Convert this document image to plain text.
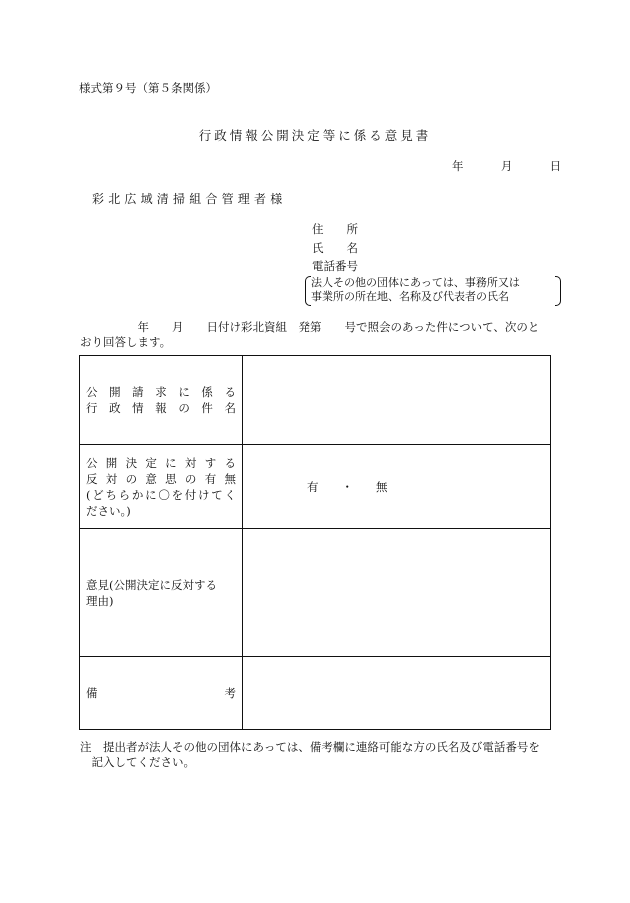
様式第９号（第５条関係）
行政情報公開決定等に係る意見書
年	月	日
彩北広域清掃組合管理者様
住　　所
氏　　名
電話番号
法人その他の団体にあっては、事務所又は
事業所の所在地、名称及び代表者の氏名
　　　　　年　　月　　日付け彩北資組　発第　　号で照会のあった件について、次のと
おり回答します。
公開請求に係る
行政情報の件名	

公開決定に対する
反対の意思の有無
(どちらかに〇を付けてく
ださい。)	有　　・　　無

意見(公開決定に反対する
理由)	

備 考	

注　提出者が法人その他の団体にあっては、備考欄に連絡可能な方の氏名及び電話番号を
　記入してください。
